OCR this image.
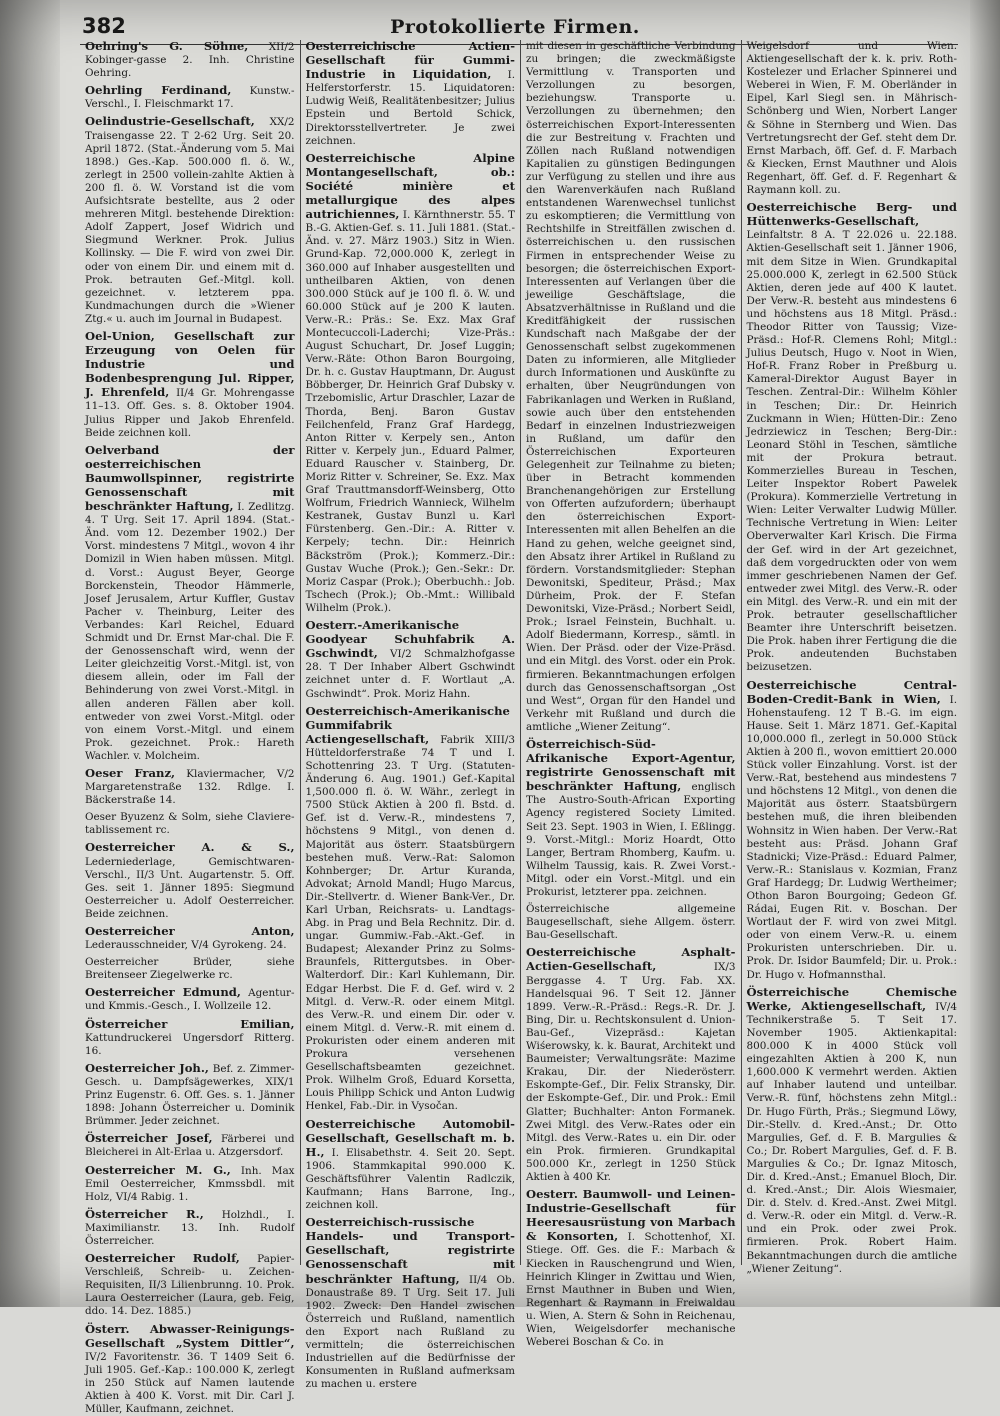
382	Protokollierte Firmen.

Oehring's G. Söhne, XII/2 Kobinger-gasse 2. Inh. Christine Oehring.

Oehrling Ferdinand, Kunstw.-Verschl., I. Fleischmarkt 17.

Oelindustrie-Gesellschaft, XX/2 Traisengasse 22. T 2-62 Urg. Seit 20. April 1872. (Stat.-Änderung vom 5. Mai 1898.) Ges.-Kap. 500.000 fl. ö. W., zerlegt in 2500 vollein-zahlte Aktien à 200 fl. ö. W. Vorstand ist die vom Aufsichtsrate bestellte, aus 2 oder mehreren Mitgl. bestehende Direktion: Adolf Zappert, Josef Widrich und Siegmund Werkner. Prok. Julius Kollinsky. — Die F. wird von zwei Dir. oder von einem Dir. und einem mit d. Prok. betrauten Gef.-Mitgl. koll. gezeichnet. v. letzterem ppa. Kundmachungen durch die »Wiener Ztg.« u. auch im Journal in Budapest.

Oel-Union, Gesellschaft zur Erzeugung von Oelen für Industrie und Bodenbesprengung Jul. Ripper, J. Ehrenfeld, II/4 Gr. Mohrengasse 11–13. Off. Ges. s. 8. Oktober 1904. Julius Ripper und Jakob Ehrenfeld. Beide zeichnen koll.

Oelverband der oesterreichischen Baumwollspinner, registrirte Genossenschaft mit beschränkter Haftung, I. Zedlitzg. 4. T Urg. Seit 17. April 1894. (Stat.-Änd. vom 12. Dezember 1902.) Der Vorst. mindestens 7 Mitgl., wovon 4 ihr Domizil in Wien haben müssen. Mitgl. d. Vorst.: August Beyer, George Borckenstein, Theodor Hämmerle, Josef Jerusalem, Artur Kuffler, Gustav Pacher v. Theinburg, Leiter des Verbandes: Karl Reichel, Eduard Schmidt und Dr. Ernst Mar-chal. Die F. der Genossenschaft wird, wenn der Leiter gleichzeitig Vorst.-Mitgl. ist, von diesem allein, oder im Fall der Behinderung von zwei Vorst.-Mitgl. in allen anderen Fällen aber koll. entweder von zwei Vorst.-Mitgl. oder von einem Vorst.-Mitgl. und einem Prok. gezeichnet. Prok.: Hareth Wachler. v. Molcheim.

Oeser Franz, Klaviermacher, V/2 Margaretenstraße 132. Rdlge. I. Bäckerstraße 14.

Oeser Byuzenz & Solm, siehe Clavieretablissement rc.

Oesterreicher A. & S., Lederniederlage, Gemischtwaren-Verschl., II/3 Unt. Augartenstr. 5. Off. Ges. seit 1. Jänner 1895: Siegmund Oesterreicher u. Adolf Oesterreicher. Beide zeichnen.

Oesterreicher Anton, Lederausschneider, V/4 Gyrokeng. 24.

Oesterreicher Brüder, siehe Breitenseer Ziegelwerke rc.

Oesterreicher Edmund, Agentur- und Kmmis.-Gesch., I. Wollzeile 12.

Österreicher Emilian, Kattundruckerei Ungersdorf Ritterg. 16.

Oesterreicher Joh., Bef. z. Zimmer-Gesch. u. Dampfsägewerkes, XIX/1 Prinz Eugenstr. 6. Off. Ges. s. 1. Jänner 1898: Johann Österreicher u. Dominik Brümmer. Jeder zeichnet.

Österreicher Josef, Färberei und Bleicherei in Alt-Erlaa u. Atzgersdorf.

Oesterreicher M. G., Inh. Max Emil Oesterreicher, Kmmssbdl. mit Holz, VI/4 Rabig. 1.

Österreicher R., Holzhdl., I. Maximilianstr. 13. Inh. Rudolf Österreicher.

Oesterreicher Rudolf, Papier-Verschleiß, Schreib- u. Zeichen-Requisiten, II/3 Lilienbrunng. 10. Prok. Laura Oesterreicher (Laura, geb. Feig, ddo. 14. Dez. 1885.)

Österr. Abwasser-Reinigungs-Gesellschaft „System Dittler“, IV/2 Favoritenstr. 36. T 1409 Seit 6. Juli 1905. Gef.-Kap.: 100.000 K, zerlegt in 250 Stück auf Namen lautende Aktien à 400 K. Vorst. mit Dir. Carl J. Müller, Kaufmann, zeichnet.

Oesterreichische Actien-Gesellschaft für Gummi-Industrie in Liquidation, I. Helferstorferstr. 15. Liquidatoren: Ludwig Weiß, Realitätenbesitzer; Julius Epstein und Bertold Schick, Direktorsstellvertreter. Je zwei zeichnen.

Oesterreichische Alpine Montangesellschaft, ob.: Société minière et metallurgique des alpes autrichiennes, I. Kärnthnerstr. 55. T B.-G. Aktien-Gef. s. 11. Juli 1881. (Stat.-Änd. v. 27. März 1903.) Sitz in Wien. Grund-Kap. 72,000.000 K, zerlegt in 360.000 auf Inhaber ausgestellten und untheilbaren Aktien, von denen 300.000 Stück auf je 100 fl. ö. W. und 60.000 Stück auf je 200 K lauten. Verw.-R.: Präs.: Se. Exz. Max Graf Montecuccoli-Laderchi; Vize-Präs.: August Schuchart, Dr. Josef Luggin; Verw.-Räte: Othon Baron Bourgoing, Dr. h. c. Gustav Hauptmann, Dr. August Böbberger, Dr. Heinrich Graf Dubsky v. Trzebomislic, Artur Draschler, Lazar de Thorda, Benj. Baron Gustav Feilchenfeld, Franz Graf Hardegg, Anton Ritter v. Kerpely sen., Anton Ritter v. Kerpely jun., Eduard Palmer, Eduard Rauscher v. Stainberg, Dr. Moriz Ritter v. Schreiner, Se. Exz. Max Graf Trauttmansdorff-Weinsberg, Otto Wolfrum, Friedrich Wannieck, Wilhelm Kestranek, Gustav Bunzl u. Karl Fürstenberg. Gen.-Dir.: A. Ritter v. Kerpely; techn. Dir.: Heinrich Bäckström (Prok.); Kommerz.-Dir.: Gustav Wuche (Prok.); Gen.-Sekr.: Dr. Moriz Caspar (Prok.); Oberbuchh.: Job. Tschech (Prok.); Ob.-Mmt.: Willibald Wilhelm (Prok.).

Oesterr.-Amerikanische Goodyear Schuhfabrik A. Gschwindt, VI/2 Schmalzhofgasse 28. T Der Inhaber Albert Gschwindt zeichnet unter d. F. Wortlaut „A. Gschwindt“. Prok. Moriz Hahn.

Oesterreichisch-Amerikanische Gummifabrik Actiengesellschaft, Fabrik XIII/3 Hütteldorferstraße 74 T und I. Schottenring 23. T Urg. (Statuten-Änderung 6. Aug. 1901.) Gef.-Kapital 1,500.000 fl. ö. W. Währ., zerlegt in 7500 Stück Aktien à 200 fl. Bstd. d. Gef. ist d. Verw.-R., mindestens 7, höchstens 9 Mitgl., von denen d. Majorität aus österr. Staatsbürgern bestehen muß. Verw.-Rat: Salomon Kohnberger; Dr. Artur Kuranda, Advokat; Arnold Mandl; Hugo Marcus, Dir.-Stellvertr. d. Wiener Bank-Ver., Dr. Karl Urban, Reichsrats- u. Landtags-Abg. in Prag und Bela Rechnitz. Dir. d. ungar. Gummiw.-Fab.-Akt.-Gef. in Budapest; Alexander Prinz zu Solms-Braunfels, Rittergutsbes. in Ober-Walterdorf. Dir.: Karl Kuhlemann, Dir. Edgar Herbst. Die F. d. Gef. wird v. 2 Mitgl. d. Verw.-R. oder einem Mitgl. des Verw.-R. und einem Dir. oder v. einem Mitgl. d. Verw.-R. mit einem d. Prokuristen oder einem anderen mit Prokura versehenen Gesellschaftsbeamten gezeichnet. Prok. Wilhelm Groß, Eduard Korsetta, Louis Philipp Schick und Anton Ludwig Henkel, Fab.-Dir. in Vysočan.

Oesterreichische Automobil-Gesellschaft, Gesellschaft m. b. H., I. Elisabethstr. 4. Seit 20. Sept. 1906. Stammkapital 990.000 K. Geschäftsführer Valentin Radlczik, Kaufmann; Hans Barrone, Ing., zeichnen koll.

Oesterreichisch-russische Handels- und Transport-Gesellschaft, registrirte Genossenschaft mit beschränkter Haftung, II/4 Ob. Donaustraße 89. T Urg. Seit 17. Juli 1902. Zweck: Den Handel zwischen Österreich und Rußland, namentlich den Export nach Rußland zu vermitteln; die österreichischen Industriellen auf die Bedürfnisse der Konsumenten in Rußland aufmerksam zu machen u. erstere

mit diesen in geschäftliche Verbindung zu bringen; die zweckmäßigste Vermittlung v. Transporten und Verzollungen zu besorgen, beziehungsw. Transporte u. Verzollungen zu übernehmen; den österreichischen Export-Interessenten die zur Bestreitung v. Frachten und Zöllen nach Rußland notwendigen Kapitalien zu günstigen Bedingungen zur Verfügung zu stellen und ihre aus den Warenverkäufen nach Rußland entstandenen Warenwechsel tunlichst zu eskomptieren; die Vermittlung von Rechtshilfe in Streitfällen zwischen d. österreichischen u. den russischen Firmen in entsprechender Weise zu besorgen; die österreichischen Export-Interessenten auf Verlangen über die jeweilige Geschäftslage, die Absatzverhältnisse in Rußland und die Kreditfähigkeit der russischen Kundschaft nach Maßgabe der der Genossenschaft selbst zugekommenen Daten zu informieren, alle Mitglieder durch Informationen und Auskünfte zu erhalten, über Neugründungen von Fabrikanlagen und Werken in Rußland, sowie auch über den entstehenden Bedarf in einzelnen Industriezweigen in Rußland, um dafür den Österreichischen Exporteuren Gelegenheit zur Teilnahme zu bieten; über in Betracht kommenden Branchenangehörigen zur Erstellung von Offerten aufzufordern; überhaupt den österreichischen Export-Interessenten mit allen Behelfen an die Hand zu gehen, welche geeignet sind, den Absatz ihrer Artikel in Rußland zu fördern. Vorstandsmitglieder: Stephan Dewonitski, Spediteur, Präsd.; Max Dürheim, Prok. der F. Stefan Dewonitski, Vize-Präsd.; Norbert Seidl, Prok.; Israel Feinstein, Buchhalt. u. Adolf Biedermann, Korresp., sämtl. in Wien. Der Präsd. oder der Vize-Präsd. und ein Mitgl. des Vorst. oder ein Prok. firmieren. Bekanntmachungen erfolgen durch das Genossenschaftsorgan „Ost und West“, Organ für den Handel und Verkehr mit Rußland und durch die amtliche „Wiener Zeitung“.

Österreichisch-Süd-Afrikanische Export-Agentur, registrirte Genossenschaft mit beschränkter Haftung, englisch The Austro-South-African Exporting Agency registered Society Limited. Seit 23. Sept. 1903 in Wien, I. Eßlingg. 9. Vorst.-Mitgl.: Moriz Hoardt, Otto Langer, Bertram Rhomberg, Kaufm. u. Wilhelm Taussig, kais. R. Zwei Vorst.-Mitgl. oder ein Vorst.-Mitgl. und ein Prokurist, letzterer ppa. zeichnen.

Österreichische allgemeine Baugesellschaft, siehe Allgem. österr. Bau-Gesellschaft.

Oesterreichische Asphalt-Actien-Gesellschaft, IX/3 Berggasse 4. T Urg. Fab. XX. Handelsquai 96. T Seit 12. Jänner 1899. Verw.-R.-Präsd.: Regs.-R. Dr. J. Bing, Dir. u. Rechtskonsulent d. Union-Bau-Gef., Vizepräsd.: Kajetan Wiśerowsky, k. k. Baurat, Architekt und Baumeister; Verwaltungsräte: Mazime Krakau, Dir. der Niederösterr. Eskompte-Gef., Dir. Felix Stransky, Dir. der Eskompte-Gef., Dir. und Prok.: Emil Glatter; Buchhalter: Anton Formanek. Zwei Mitgl. des Verw.-Rates oder ein Mitgl. des Verw.-Rates u. ein Dir. oder ein Prok. firmieren. Grundkapital 500.000 Kr., zerlegt in 1250 Stück Aktien à 400 Kr.

Oesterr. Baumwoll- und Leinen-Industrie-Gesellschaft für Heeresausrüstung von Marbach & Konsorten, I. Schottenhof, XI. Stiege. Off. Ges. die F.: Marbach & Kiecken in Rauschengrund und Wien, Heinrich Klinger in Zwittau und Wien, Ernst Mauthner in Buben und Wien, Regenhart & Raymann in Freiwaldau u. Wien, A. Stern & Sohn in Reichenau, Wien, Weigelsdorfer mechanische Weberei Boschan & Co. in

Weigelsdorf und Wien. Aktiengesellschaft der k. k. priv. Roth-Kostelezer und Erlacher Spinnerei und Weberei in Wien, F. M. Oberländer in Eipel, Karl Siegl sen. in Mährisch-Schönberg und Wien, Norbert Langer & Söhne in Sternberg und Wien. Das Vertretungsrecht der Gef. steht dem Dr. Ernst Marbach, öff. Gef. d. F. Marbach & Kiecken, Ernst Mauthner und Alois Regenhart, öff. Gef. d. F. Regenhart & Raymann koll. zu.

Oesterreichische Berg- und Hüttenwerks-Gesellschaft, Leinfaltstr. 8 A. T 22.026 u. 22.188. Aktien-Gesellschaft seit 1. Jänner 1906, mit dem Sitze in Wien. Grundkapital 25.000.000 K, zerlegt in 62.500 Stück Aktien, deren jede auf 400 K lautet. Der Verw.-R. besteht aus mindestens 6 und höchstens aus 18 Mitgl. Präsd.: Theodor Ritter von Taussig; Vize-Präsd.: Hof-R. Clemens Rohl; Mitgl.: Julius Deutsch, Hugo v. Noot in Wien, Hof-R. Franz Rober in Preßburg u. Kameral-Direktor August Bayer in Teschen. Zentral-Dir.: Wilhelm Köhler in Teschen; Dir.: Dr. Heinrich Zuckmann in Wien; Hütten-Dir.: Zeno Jedrziewicz in Teschen; Berg-Dir.: Leonard Stöhl in Teschen, sämtliche mit der Prokura betraut. Kommerzielles Bureau in Teschen, Leiter Inspektor Robert Pawelek (Prokura). Kommerzielle Vertretung in Wien: Leiter Verwalter Ludwig Müller. Technische Vertretung in Wien: Leiter Oberverwalter Karl Krisch. Die Firma der Gef. wird in der Art gezeichnet, daß dem vorgedruckten oder von wem immer geschriebenen Namen der Gef. entweder zwei Mitgl. des Verw.-R. oder ein Mitgl. des Verw.-R. und ein mit der Prok. betrauter gesellschaftlicher Beamter ihre Unterschrift beisetzen. Die Prok. haben ihrer Fertigung die die Prok. andeutenden Buchstaben beizusetzen.

Oesterreichische Central-Boden-Credit-Bank in Wien, I. Hohenstaufeng. 12 T B.-G. im eign. Hause. Seit 1. März 1871. Gef.-Kapital 10,000.000 fl., zerlegt in 50.000 Stück Aktien à 200 fl., wovon emittiert 20.000 Stück voller Einzahlung. Vorst. ist der Verw.-Rat, bestehend aus mindestens 7 und höchstens 12 Mitgl., von denen die Majorität aus österr. Staatsbürgern bestehen muß, die ihren bleibenden Wohnsitz in Wien haben. Der Verw.-Rat besteht aus: Präsd. Johann Graf Stadnicki; Vize-Präsd.: Eduard Palmer, Verw.-R.: Stanislaus v. Kozmian, Franz Graf Hardegg; Dr. Ludwig Wertheimer; Othon Baron Bourgoing; Gedeon Gf. Rádai, Eugen Rit. v. Boschan. Der Wortlaut der F. wird von zwei Mitgl. oder von einem Verw.-R. u. einem Prokuristen unterschrieben. Dir. u. Prok. Dr. Isidor Baumfeld; Dir. u. Prok.: Dr. Hugo v. Hofmannsthal.

Österreichische Chemische Werke, Aktiengesellschaft, IV/4 Technikerstraße 5. T Seit 17. November 1905. Aktienkapital: 800.000 K in 4000 Stück voll eingezahlten Aktien à 200 K, nun 1,600.000 K vermehrt werden. Aktien auf Inhaber lautend und unteilbar. Verw.-R. fünf, höchstens zehn Mitgl.: Dr. Hugo Fürth, Präs.; Siegmund Löwy, Dir.-Stellv. d. Kred.-Anst.; Dr. Otto Margulies, Gef. d. F. B. Margulies & Co.; Dr. Robert Margulies, Gef. d. F. B. Margulies & Co.; Dr. Ignaz Mitosch, Dir. d. Kred.-Anst.; Emanuel Bloch, Dir. d. Kred.-Anst.; Dir. Alois Wiesmaier, Dir. d. Stelv. d. Kred.-Anst. Zwei Mitgl. d. Verw.-R. oder ein Mitgl. d. Verw.-R. und ein Prok. oder zwei Prok. firmieren. Prok. Robert Haim. Bekanntmachungen durch die amtliche „Wiener Zeitung“.
